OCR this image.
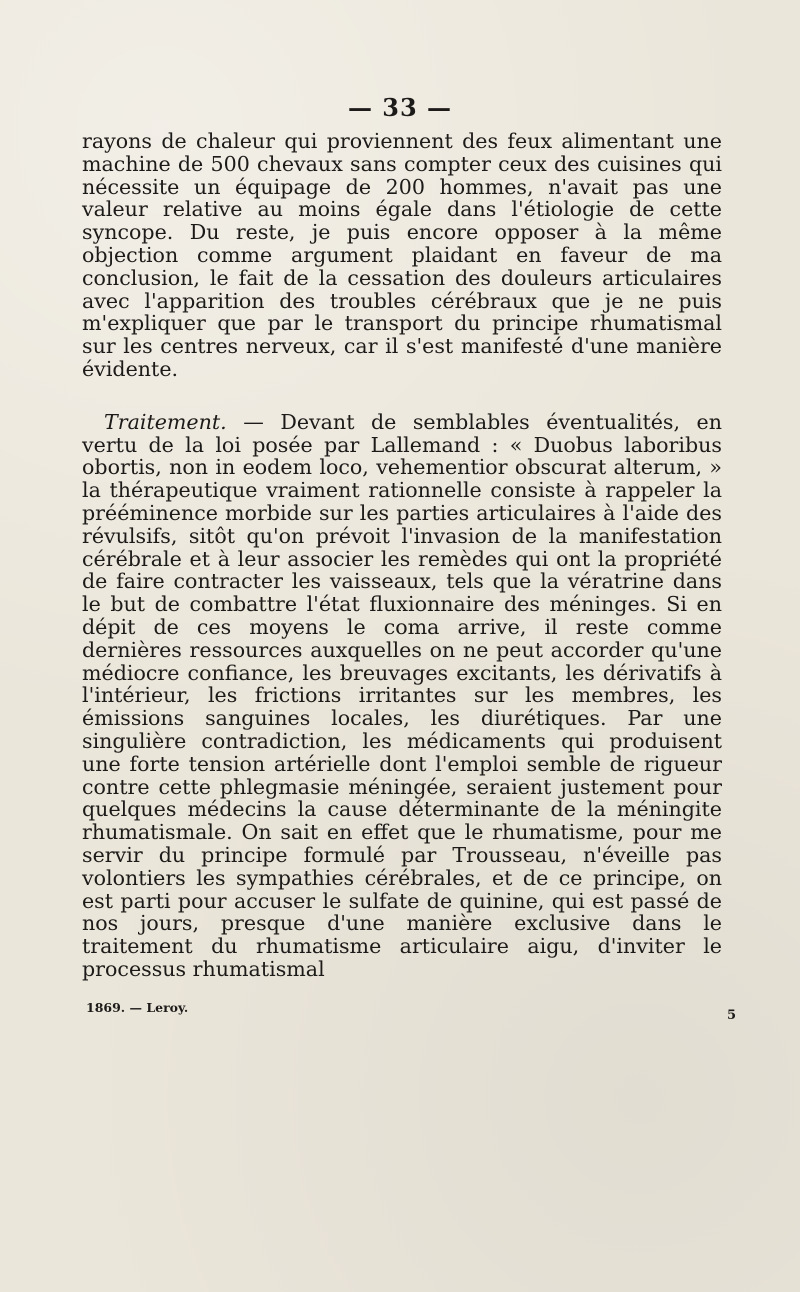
— 33 —

rayons de chaleur qui proviennent des feux alimentant une machine de 500 chevaux sans compter ceux des cuisines qui nécessite un équipage de 200 hommes, n'avait pas une valeur relative au moins égale dans l'étiologie de cette syncope. Du reste, je puis encore opposer à la même objection comme argument plaidant en faveur de ma conclusion, le fait de la cessation des douleurs articulaires avec l'apparition des troubles cérébraux que je ne puis m'expliquer que par le transport du principe rhumatismal sur les centres nerveux, car il s'est manifesté d'une manière évidente.

Traitement. — Devant de semblables éventualités, en vertu de la loi posée par Lallemand : « Duobus laboribus obortis, non in eodem loco, vehementior obscurat alterum, » la thérapeutique vraiment rationnelle consiste à rappeler la prééminence morbide sur les parties articulaires à l'aide des révulsifs, sitôt qu'on prévoit l'invasion de la manifestation cérébrale et à leur associer les remèdes qui ont la propriété de faire contracter les vaisseaux, tels que la vératrine dans le but de combattre l'état fluxionnaire des méninges. Si en dépit de ces moyens le coma arrive, il reste comme dernières ressources auxquelles on ne peut accorder qu'une médiocre confiance, les breuvages excitants, les dérivatifs à l'intérieur, les frictions irritantes sur les membres, les émissions sanguines locales, les diurétiques. Par une singulière contradiction, les médicaments qui produisent une forte tension artérielle dont l'emploi semble de rigueur contre cette phlegmasie méningée, seraient justement pour quelques médecins la cause déterminante de la méningite rhumatismale. On sait en effet que le rhumatisme, pour me servir du principe formulé par Trousseau, n'éveille pas volontiers les sympathies cérébrales, et de ce principe, on est parti pour accuser le sulfate de quinine, qui est passé de nos jours, presque d'une manière exclusive dans le traitement du rhumatisme articulaire aigu, d'inviter le processus rhumatismal

1869. — Leroy.
5
